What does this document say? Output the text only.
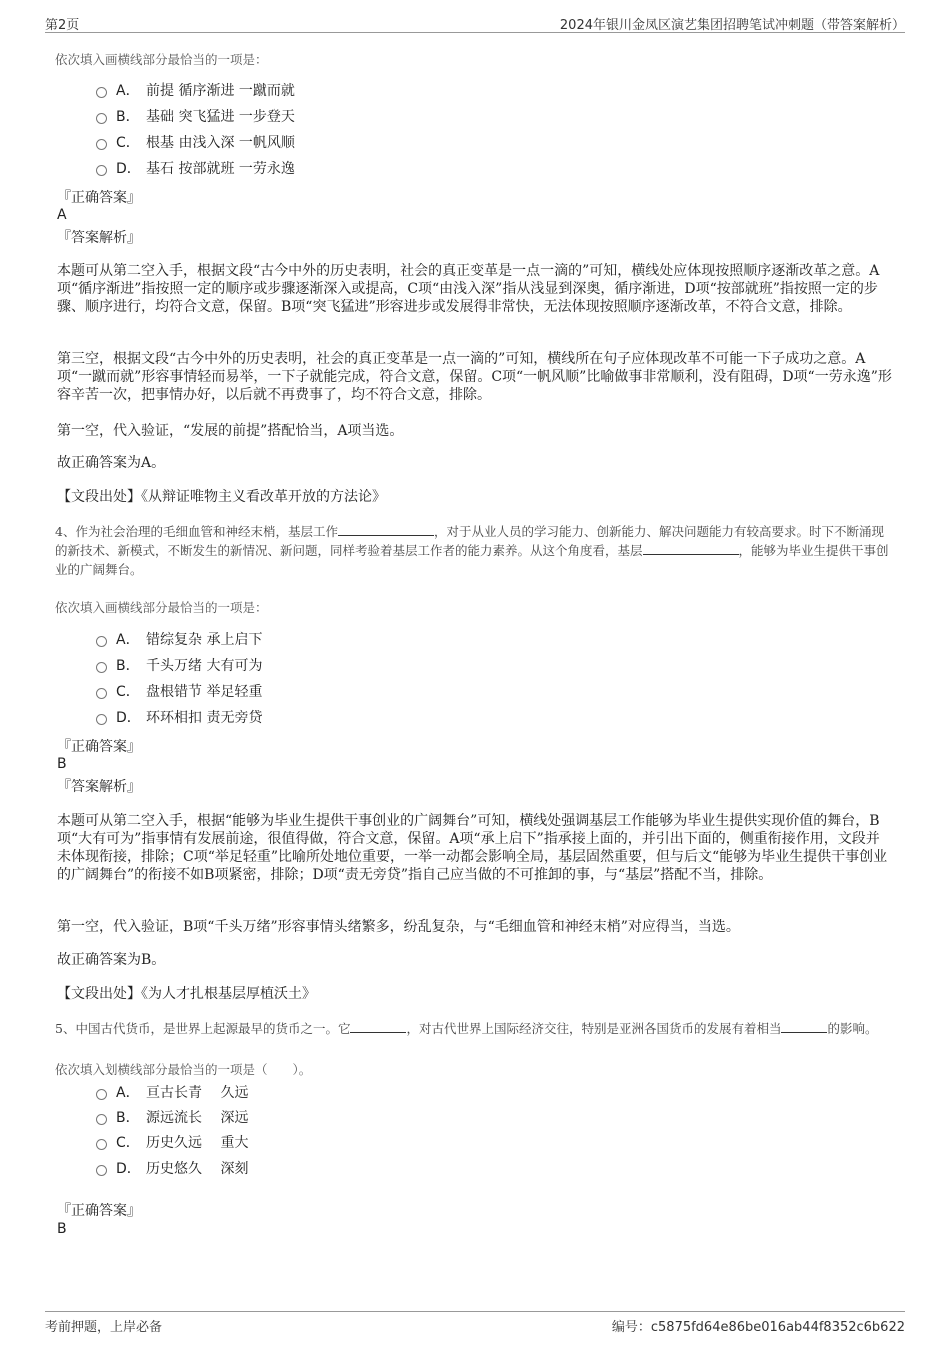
第2页	2024年银川金凤区演艺集团招聘笔试冲刺题（带答案解析）
依次填入画横线部分最恰当的一项是：
A． 前提 循序渐进 一蹴而就
B． 基础 突飞猛进 一步登天
C． 根基 由浅入深 一帆风顺
D． 基石 按部就班 一劳永逸
『正确答案』
A
『答案解析』
本题可从第二空入手，根据文段“古今中外的历史表明，社会的真正变革是一点一滴的”可知，横线处应体现按照顺序逐渐改革之意。A项“循序渐进”指按照一定的顺序或步骤逐渐深入或提高，C项“由浅入深”指从浅显到深奥，循序渐进，D项“按部就班”指按照一定的步骤、顺序进行，均符合文意，保留。B项“突飞猛进”形容进步或发展得非常快，无法体现按照顺序逐渐改革，不符合文意，排除。
第三空，根据文段“古今中外的历史表明，社会的真正变革是一点一滴的”可知，横线所在句子应体现改革不可能一下子成功之意。A项“一蹴而就”形容事情轻而易举，一下子就能完成，符合文意，保留。C项“一帆风顺”比喻做事非常顺利，没有阻碍，D项“一劳永逸”形容辛苦一次，把事情办好，以后就不再费事了，均不符合文意，排除。
第一空，代入验证，“发展的前提”搭配恰当，A项当选。
故正确答案为A。
【文段出处】《从辩证唯物主义看改革开放的方法论》
4、作为社会治理的毛细血管和神经末梢，基层工作	，对于从业人员的学习能力、创新能力、解决问题能力有较高要求。时下不断涌现的新技术、新模式，不断发生的新情况、新问题，同样考验着基层工作者的能力素养。从这个角度看，基层	，能够为毕业生提供干事创业的广阔舞台。
依次填入画横线部分最恰当的一项是：
A． 错综复杂 承上启下
B． 千头万绪 大有可为
C． 盘根错节 举足轻重
D． 环环相扣 责无旁贷
『正确答案』
B
『答案解析』
本题可从第二空入手，根据“能够为毕业生提供干事创业的广阔舞台”可知，横线处强调基层工作能够为毕业生提供实现价值的舞台，B项“大有可为”指事情有发展前途，很值得做，符合文意，保留。A项“承上启下”指承接上面的，并引出下面的，侧重衔接作用，文段并未体现衔接，排除；C项“举足轻重”比喻所处地位重要，一举一动都会影响全局，基层固然重要，但与后文“能够为毕业生提供干事创业的广阔舞台”的衔接不如B项紧密，排除；D项“责无旁贷”指自己应当做的不可推卸的事，与“基层”搭配不当，排除。
第一空，代入验证，B项“千头万绪”形容事情头绪繁多，纷乱复杂，与“毛细血管和神经末梢”对应得当，当选。
故正确答案为B。
【文段出处】《为人才扎根基层厚植沃土》
5、中国古代货币，是世界上起源最早的货币之一。它	，对古代世界上国际经济交往，特别是亚洲各国货币的发展有着相当	的影响。
依次填入划横线部分最恰当的一项是（　　）。
A． 亘古长青　 久远
B． 源远流长　 深远
C． 历史久远　 重大
D． 历史悠久　 深刻
『正确答案』
B
考前押题，上岸必备	编号：c5875fd64e86be016ab44f8352c6b622
